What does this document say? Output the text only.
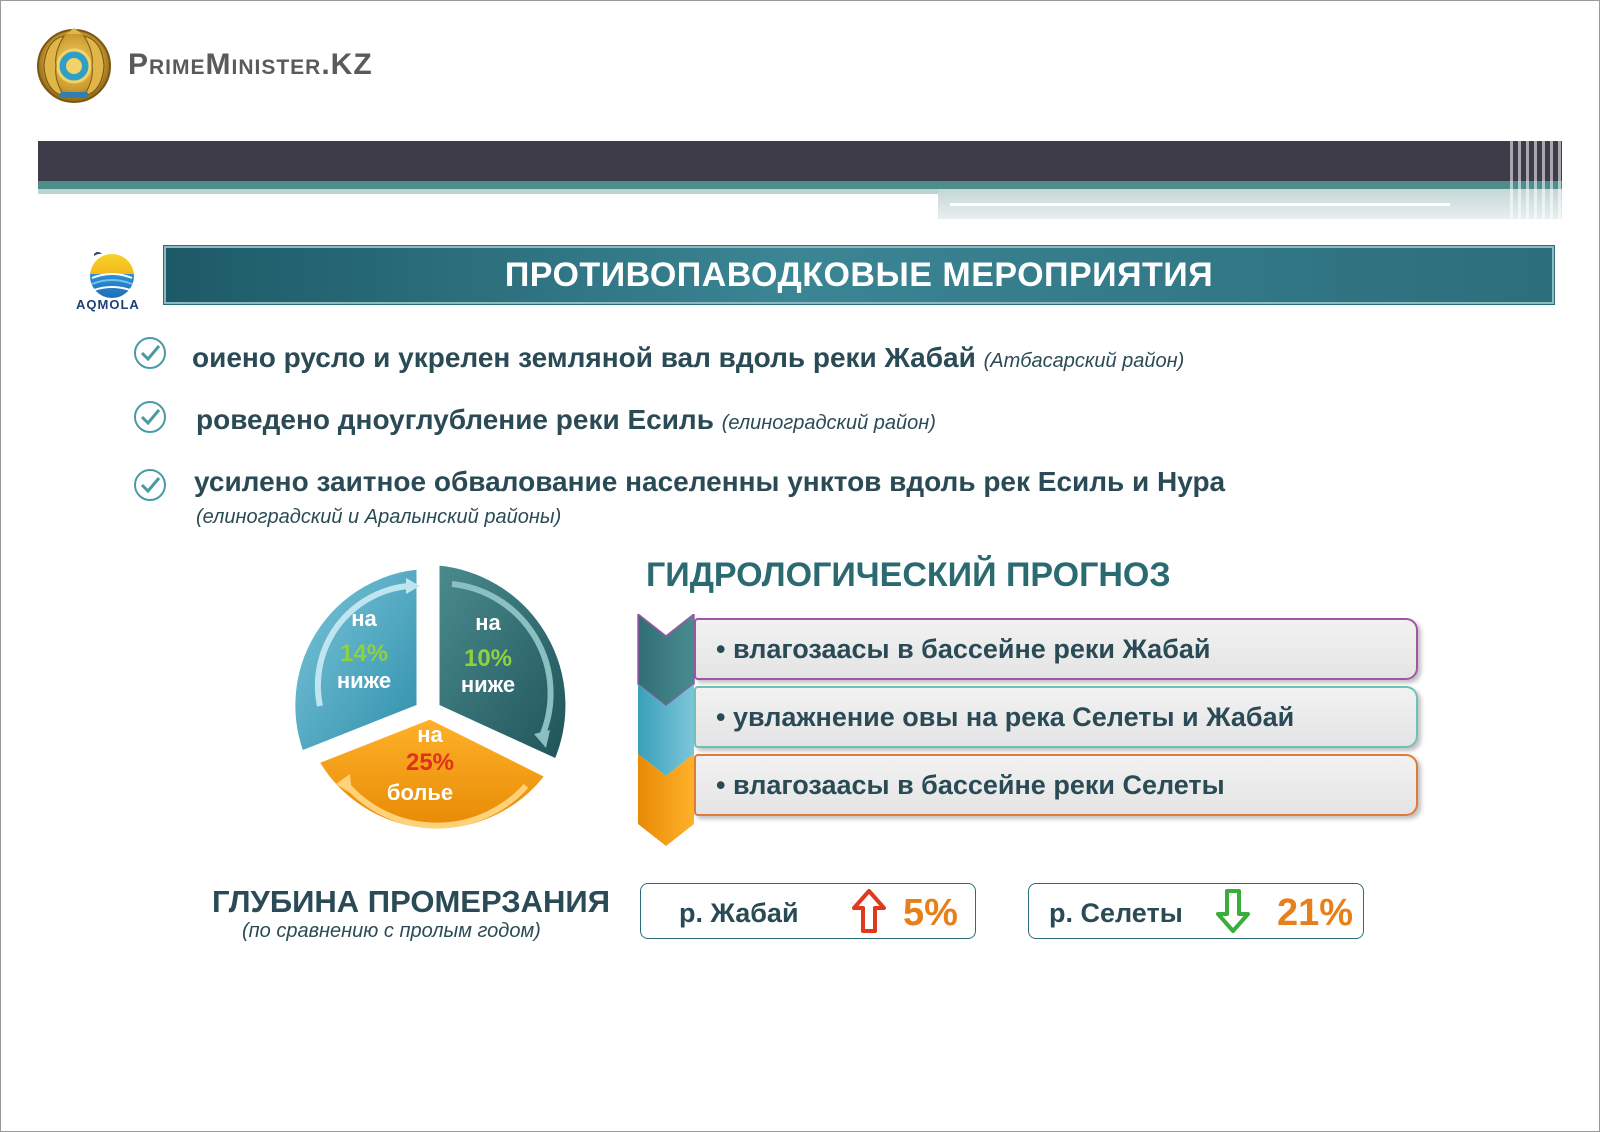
PrimeMinister.KZ
AQMOLA
ПРОТИВОПАВОДКОВЫЕ МЕРОПРИЯТИЯ
оиено русло и укрелен земляной вал вдоль реки Жабай (Атбасарский район)
роведено дноуглубление реки Есиль (елиноградский район)
усилено заитное обвалование населенны унктов вдоль рек Есиль и Нура
(елиноградский и Аралынский районы)
на
14%
ниже
на
10%
ниже
на
25%
больe
ГИДРОЛОГИЧЕСКИЙ ПРОГНОЗ
• влагозаасы в бассейне реки Жабай
• увлажнение овы на река Селеты и Жабай
• влагозаасы в бассейне реки Селеты
ГЛУБИНА ПРОМЕРЗАНИЯ
(по сравнению с пролым годом)
р. Жабай	5%	р. Селеты 21%
